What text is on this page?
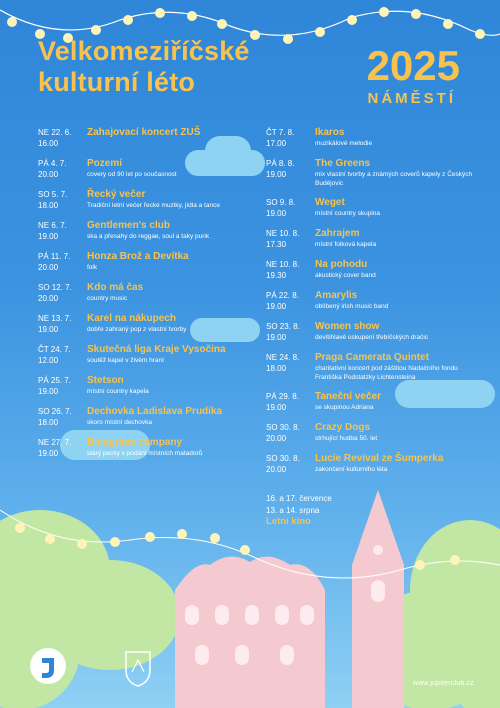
Velkomeziříčské
kulturní léto	2025
NÁMĚSTÍ
NE 22. 6.
16.00
Zahajovací koncert ZUŠ
PÁ 4. 7.
20.00
Pozemí
covery od 90 let po současnost
SO 5. 7.
18.00
Řecký večer
Tradiční letní večer řecké muziky, jídla a tance
NE 6. 7.
19.00
Gentlemen's club
ska a přesahy do reggae, soul a taky punk
PÁ 11. 7.
20.00
Honza Brož a Devítka
folk
SO 12. 7.
20.00
Kdo má čas
country music
NE 13. 7.
19.00
Karel na nákupech
dobře zahraný pop z vlastní tvorby
ČT 24. 7.
12.00
Skutečná liga Kraje Vysočina
soutěž kapel v živém hraní
PÁ 25. 7.
19.00
Stetson
místní country kapela
SO 26. 7.
18.00
Dechovka Ladislava Prudika
skoro místní dechovka
NE 27. 7.
19.00
Bluegrass company
starý pecky v podání místních matadorů
ČT 7. 8.
17.00
Ikaros
muzikálové melodie
PÁ 8. 8.
19.00
The Greens
mix vlastní tvorby a známých coverů kapely z Českých Budějovic
SO 9. 8.
19.00
Weget
místní country skupina
NE 10. 8.
17.30
Zahrajem
místní folková kapela
NE 10. 8.
19.30
Na pohodu
akustický cover band
PÁ 22. 8.
19.00
Amarylis
oblíbený irish music band
SO 23. 8.
19.00
Women show
devítihlavé uskupení třebíčských dračic
NE 24. 8.
18.00
Praga Camerata Quintet
charitativní koncert pod záštitou Nadačního fondu Františka Podstatzky Lichtensteina
PÁ 29. 8.
19.00
Taneční večer
se skupinou Adriana
SO 30. 8.
20.00
Crazy Dogs
strhující hudba 50. let
SO 30. 8.
20.00
Lucie Revival ze Šumperka
zakončení kulturního léta
16. a 17. července
13. a 14. srpna
Letní kino
www.jupiterclub.cz
